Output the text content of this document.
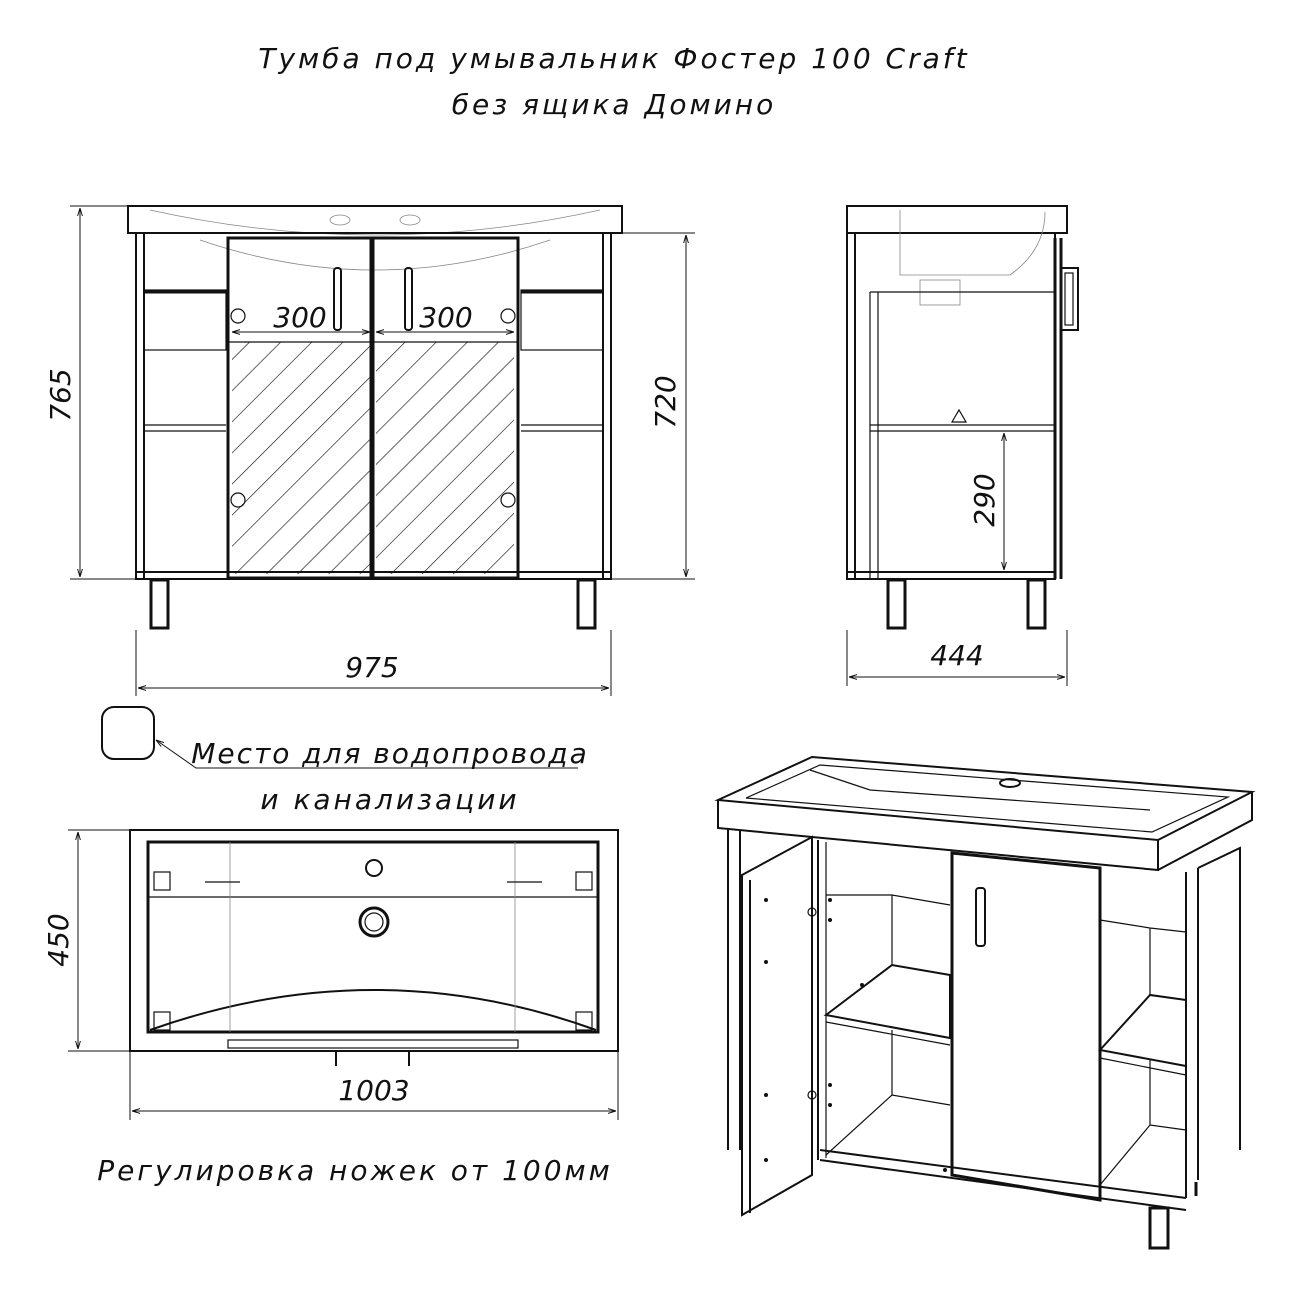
Тумба под умывальник Фостер 100 Craft
без ящика Домино
300	300
765	720
975
290
444
Место для водопровода
и канализации
450
1003
Регулировка ножек от 100мм
